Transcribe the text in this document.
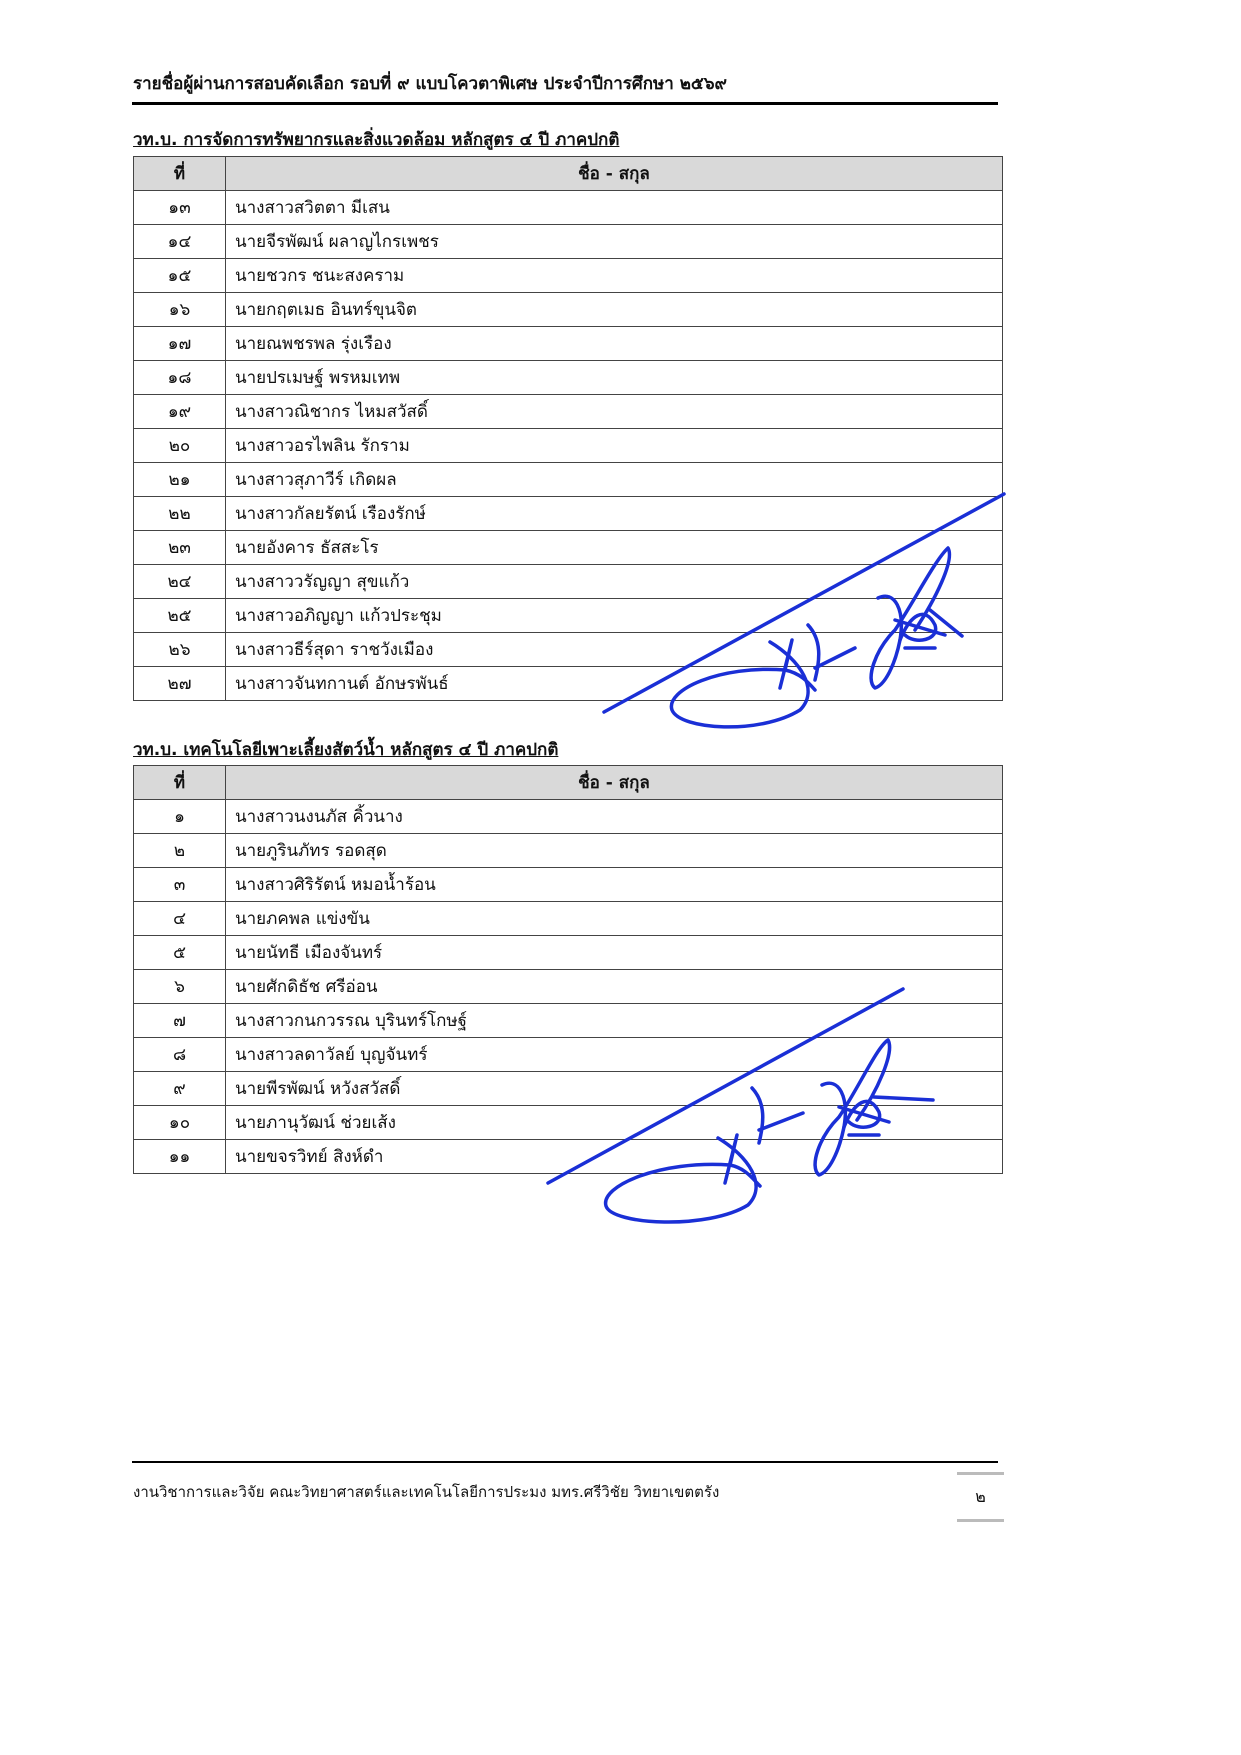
รายชื่อผู้ผ่านการสอบคัดเลือก รอบที่ ๙ แบบโควตาพิเศษ ประจำปีการศึกษา ๒๕๖๙
วท.บ. การจัดการทรัพยากรและสิ่งแวดล้อม หลักสูตร ๔ ปี ภาคปกติ
ที่	ชื่อ - สกุล
๑๓	นางสาวสวิตตา มีเสน
๑๔	นายจีรพัฒน์ ผลาญไกรเพชร
๑๕	นายชวกร ชนะสงคราม
๑๖	นายกฤตเมธ อินทร์ขุนจิต
๑๗	นายณพชรพล รุ่งเรือง
๑๘	นายปรเมษฐ์ พรหมเทพ
๑๙	นางสาวณิชากร ไหมสวัสดิ์
๒๐	นางสาวอรไพลิน รักราม
๒๑	นางสาวสุภาวีร์ เกิดผล
๒๒	นางสาวกัลยรัตน์ เรืองรักษ์
๒๓	นายอังคาร ธัสสะโร
๒๔	นางสาววรัญญา สุขแก้ว
๒๕	นางสาวอภิญญา แก้วประชุม
๒๖	นางสาวธีร์สุดา ราชวังเมือง
๒๗	นางสาวจันทกานต์ อักษรพันธ์
วท.บ. เทคโนโลยีเพาะเลี้ยงสัตว์น้ำ หลักสูตร ๔ ปี ภาคปกติ
ที่	ชื่อ - สกุล
๑	นางสาวนงนภัส คิ้วนาง
๒	นายภูรินภัทร รอดสุด
๓	นางสาวศิริรัตน์ หมอน้ำร้อน
๔	นายภคพล แข่งขัน
๕	นายนัทธี เมืองจันทร์
๖	นายศักดิธัช ศรีอ่อน
๗	นางสาวกนกวรรณ บุรินทร์โกษฐ์
๘	นางสาวลดาวัลย์ บุญจันทร์
๙	นายพีรพัฒน์ หวังสวัสดิ์
๑๐	นายภานุวัฒน์ ช่วยเส้ง
๑๑	นายขจรวิทย์ สิงห์ดำ
งานวิชาการและวิจัย คณะวิทยาศาสตร์และเทคโนโลยีการประมง มทร.ศรีวิชัย วิทยาเขตตรัง	๒
